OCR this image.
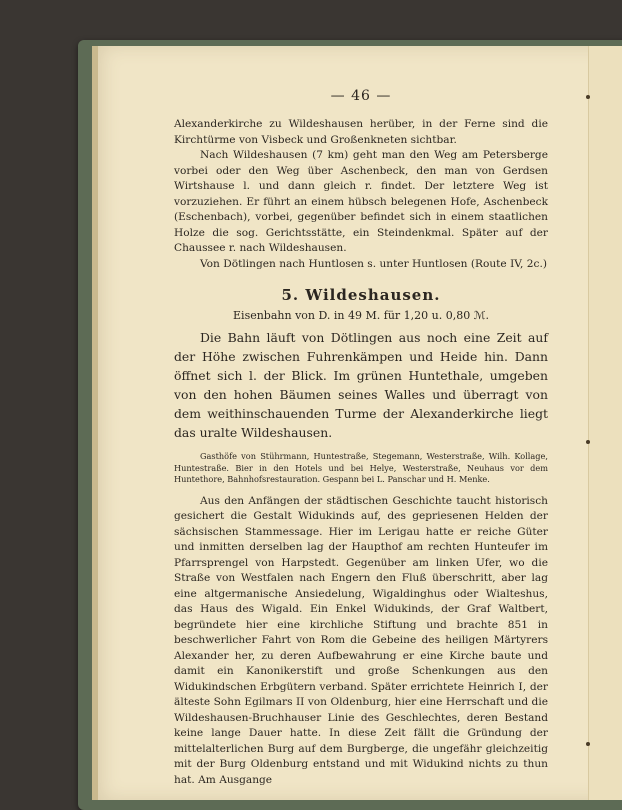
— 46 —

Alexanderkirche zu Wildeshausen herüber, in der Ferne sind die Kirchtürme von Visbeck und Großenkneten sichtbar.

Nach Wildeshausen (7 km) geht man den Weg am Petersberge vorbei oder den Weg über Aschenbeck, den man von Gerdsen Wirtshause l. und dann gleich r. findet. Der letztere Weg ist vorzuziehen. Er führt an einem hübsch belegenen Hofe, Aschenbeck (Eschenbach), vorbei, gegenüber befindet sich in einem staatlichen Holze die sog. Gerichtsstätte, ein Steindenkmal. Später auf der Chaussee r. nach Wildeshausen.

Von Dötlingen nach Huntlosen s. unter Huntlosen (Route IV, 2c.)

5. Wildeshausen.

Eisenbahn von D. in 49 M. für 1,20 u. 0,80 ℳ.

Die Bahn läuft von Dötlingen aus noch eine Zeit auf der Höhe zwischen Fuhrenkämpen und Heide hin. Dann öffnet sich l. der Blick. Im grünen Huntethale, umgeben von den hohen Bäumen seines Walles und überragt von dem weithinschauenden Turme der Alexanderkirche liegt das uralte Wildeshausen.

Gasthöfe von Stührmann, Huntestraße, Stegemann, Westerstraße, Wilh. Kollage, Huntestraße. Bier in den Hotels und bei Helye, Westerstraße, Neuhaus vor dem Huntethore, Bahnhofsrestauration. Gespann bei L. Panschar und H. Menke.

Aus den Anfängen der städtischen Geschichte taucht historisch gesichert die Gestalt Widukinds auf, des gepriesenen Helden der sächsischen Stammessage. Hier im Lerigau hatte er reiche Güter und inmitten derselben lag der Haupthof am rechten Hunteufer im Pfarrsprengel von Harpstedt. Gegenüber am linken Ufer, wo die Straße von Westfalen nach Engern den Fluß überschritt, aber lag eine altgermanische Ansiedelung, Wigaldinghus oder Wialteshus, das Haus des Wigald. Ein Enkel Widukinds, der Graf Waltbert, begründete hier eine kirchliche Stiftung und brachte 851 in beschwerlicher Fahrt von Rom die Gebeine des heiligen Märtyrers Alexander her, zu deren Aufbewahrung er eine Kirche baute und damit ein Kanonikerstift und große Schenkungen aus den Widukindschen Erbgütern verband. Später errichtete Heinrich I, der älteste Sohn Egilmars II von Oldenburg, hier eine Herrschaft und die Wildeshausen-Bruchhauser Linie des Geschlechtes, deren Bestand keine lange Dauer hatte. In diese Zeit fällt die Gründung der mittelalterlichen Burg auf dem Burgberge, die ungefähr gleichzeitig mit der Burg Oldenburg entstand und mit Widukind nichts zu thun hat. Am Ausgange
